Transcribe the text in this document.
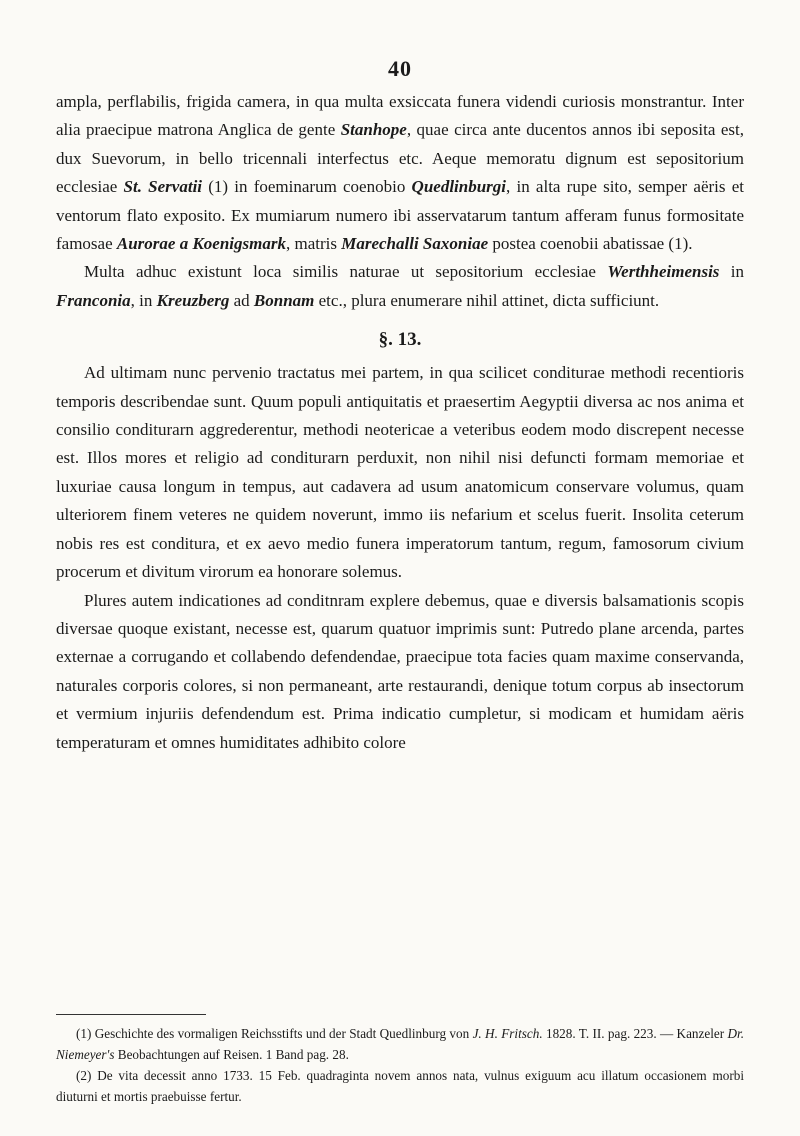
40

ampla, perflabilis, frigida camera, in qua multa exsiccata funera videndi curiosis monstrantur. Inter alia praecipue matrona Anglica de gente Stanhope, quae circa ante ducentos annos ibi seposita est, dux Suevorum, in bello tricennali interfectus etc. Aeque memoratu dignum est sepositorium ecclesiae St. Servatii (1) in foeminarum coenobio Quedlinburgi, in alta rupe sito, semper aëris et ventorum flato exposito. Ex mumiarum numero ibi asservatarum tantum afferam funus formositate famosae Aurorae a Koenigsmark, matris Marechalli Saxoniae postea coenobii abatissae (1).

Multa adhuc existunt loca similis naturae ut sepositorium ecclesiae Werthheimensis in Franconia, in Kreuzberg ad Bonnam etc., plura enumerare nihil attinet, dicta sufficiunt.

§. 13.

Ad ultimam nunc pervenio tractatus mei partem, in qua scilicet conditurae methodi recentioris temporis describendae sunt. Quum populi antiquitatis et praesertim Aegyptii diversa ac nos anima et consilio conditurarn aggrederentur, methodi neotericae a veteribus eodem modo discrepent necesse est. Illos mores et religio ad conditurarn perduxit, non nihil nisi defuncti formam memoriae et luxuriae causa longum in tempus, aut cadavera ad usum anatomicum conservare volumus, quam ulteriorem finem veteres ne quidem noverunt, immo iis nefarium et scelus fuerit. Insolita ceterum nobis res est conditura, et ex aevo medio funera imperatorum tantum, regum, famosorum civium procerum et divitum virorum ea honorare solemus.

Plures autem indicationes ad conditnram explere debemus, quae e diversis balsamationis scopis diversae quoque existant, necesse est, quarum quatuor imprimis sunt: Putredo plane arcenda, partes externae a corrugando et collabendo defendendae, praecipue tota facies quam maxime conservanda, naturales corporis colores, si non permaneant, arte restaurandi, denique totum corpus ab insectorum et vermium injuriis defendendum est. Prima indicatio cumpletur, si modicam et humidam aëris temperaturam et omnes humiditates adhibito colore

(1) Geschichte des vormaligen Reichsstifts und der Stadt Quedlinburg von J. H. Fritsch. 1828. T. II. pag. 223. — Kanzeler Dr. Niemeyer's Beobachtungen auf Reisen. 1 Band pag. 28.

(2) De vita decessit anno 1733. 15 Feb. quadraginta novem annos nata, vulnus exiguum acu illatum occasionem morbi diuturni et mortis praebuisse fertur.
